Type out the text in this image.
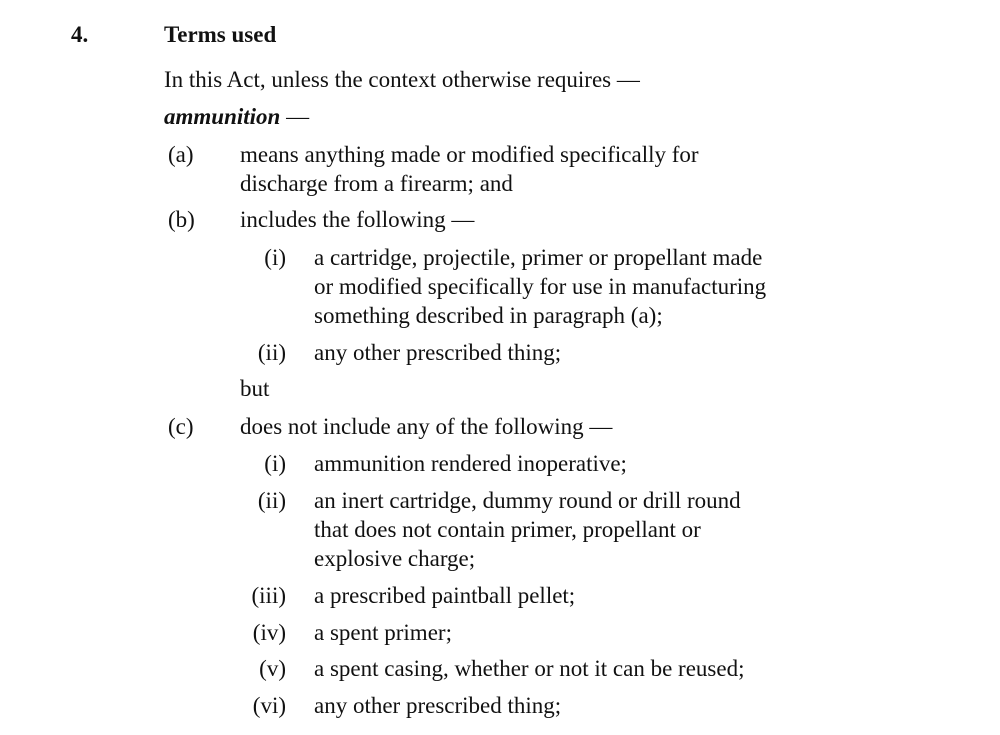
4.	Terms used
In this Act, unless the context otherwise requires —
ammunition —
(a)	means anything made or modified specifically for
discharge from a firearm; and
(b)	includes the following —
(i) a cartridge, projectile, primer or propellant made
or modified specifically for use in manufacturing
something described in paragraph (a);
(ii) any other prescribed thing;
but
(c)	does not include any of the following —
(i) ammunition rendered inoperative;
(ii) an inert cartridge, dummy round or drill round
that does not contain primer, propellant or
explosive charge;
(iii) a prescribed paintball pellet;
(iv) a spent primer;
(v) a spent casing, whether or not it can be reused;
(vi) any other prescribed thing;
